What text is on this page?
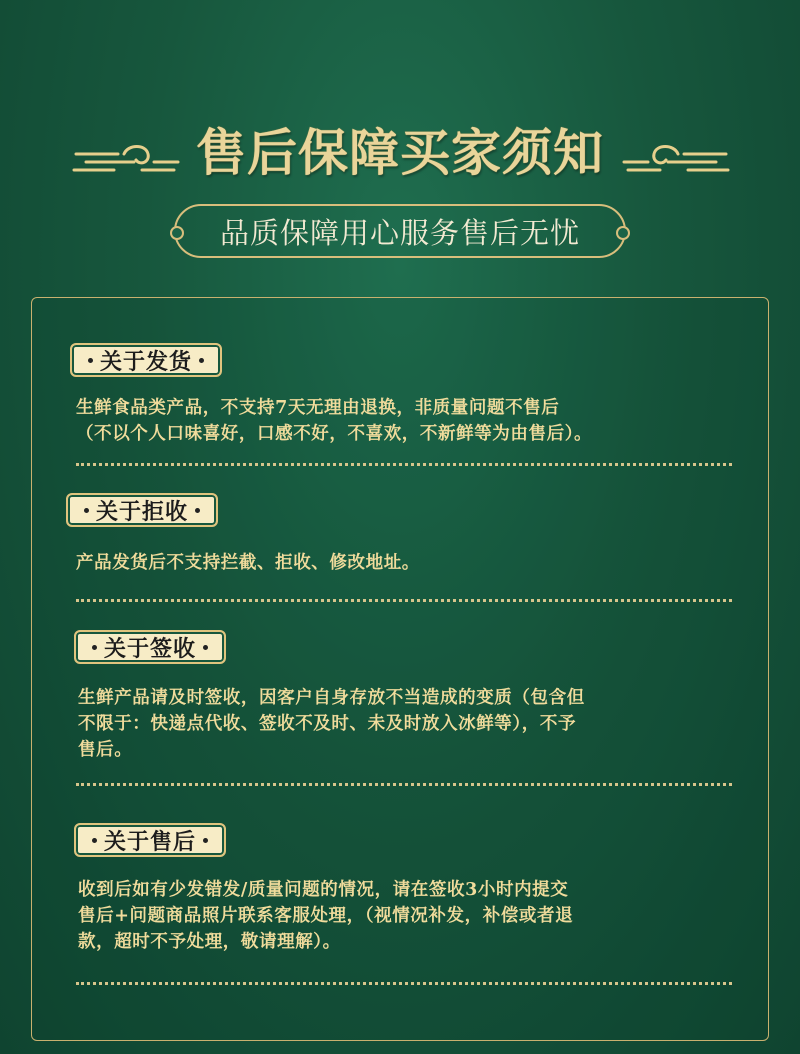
售后保障买家须知
品质保障用心服务售后无忧
关于发货
生鲜食品类产品，不支持7天无理由退换，非质量问题不售后
（不以个人口味喜好，口感不好，不喜欢，不新鲜等为由售后）。
关于拒收
产品发货后不支持拦截、拒收、修改地址。
关于签收
生鲜产品请及时签收，因客户自身存放不当造成的变质（包含但
不限于：快递点代收、签收不及时、未及时放入冰鲜等），不予
售后。
关于售后
收到后如有少发错发/质量问题的情况，请在签收3小时内提交
售后+问题商品照片联系客服处理，（视情况补发，补偿或者退
款，超时不予处理，敬请理解）。
